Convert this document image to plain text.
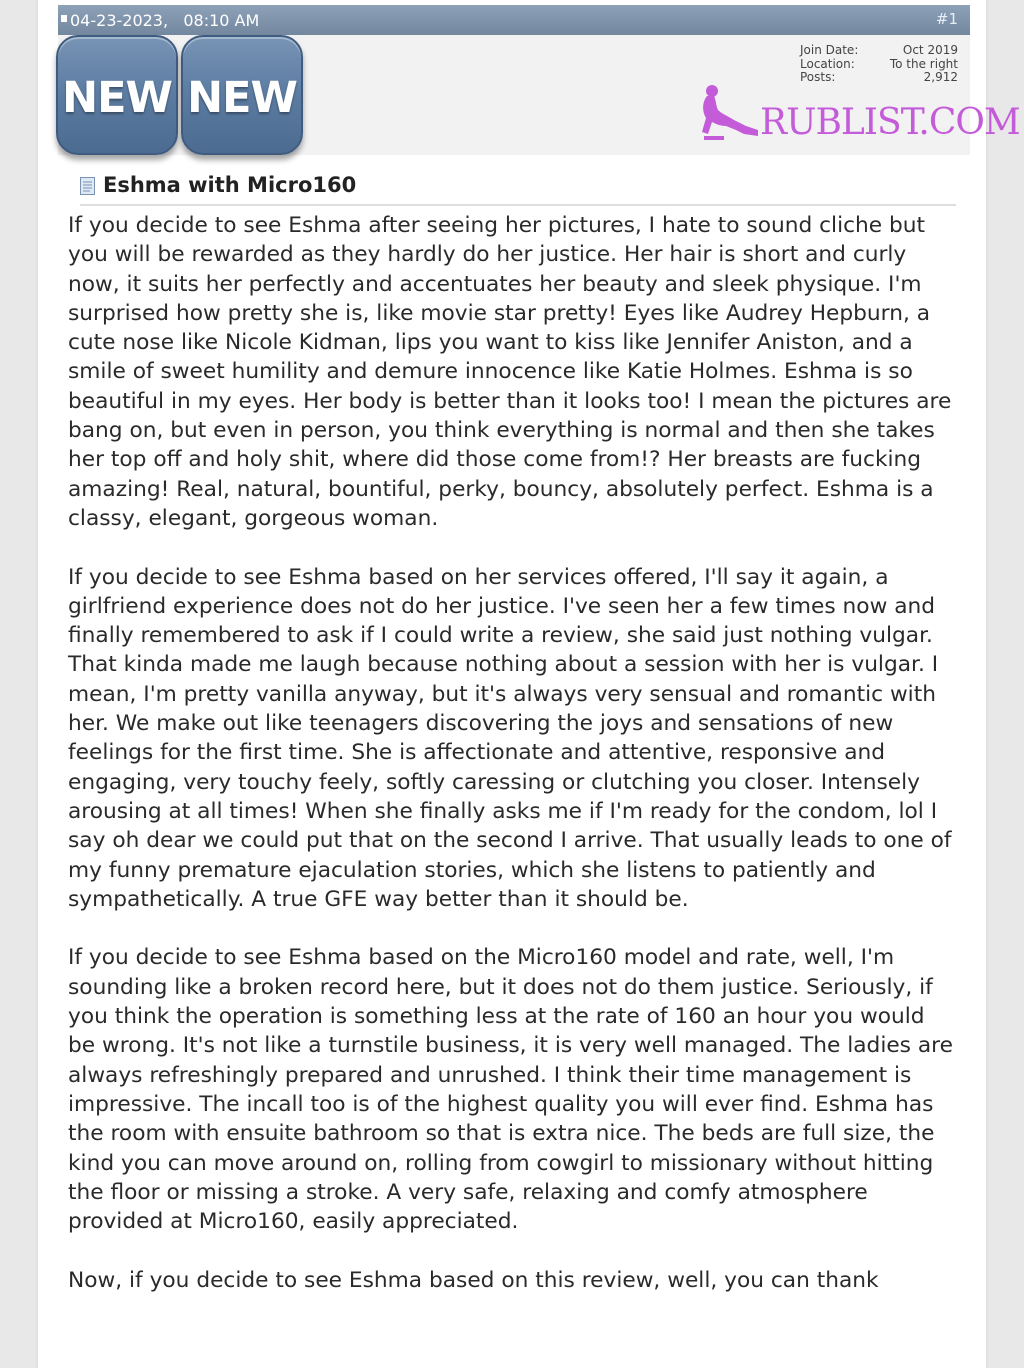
04-23-2023, 08:10 AM	#1
NEW NEW
Join Date:	Oct 2019
Location:	To the right
Posts:	2,912
RUBLIST.COM
Eshma with Micro160

If you decide to see Eshma after seeing her pictures, I hate to sound cliche but you will be rewarded as they hardly do her justice. Her hair is short and curly now, it suits her perfectly and accentuates her beauty and sleek physique. I'm surprised how pretty she is, like movie star pretty! Eyes like Audrey Hepburn, a cute nose like Nicole Kidman, lips you want to kiss like Jennifer Aniston, and a smile of sweet humility and demure innocence like Katie Holmes. Eshma is so beautiful in my eyes. Her body is better than it looks too! I mean the pictures are bang on, but even in person, you think everything is normal and then she takes her top off and holy shit, where did those come from!? Her breasts are fucking amazing! Real, natural, bountiful, perky, bouncy, absolutely perfect. Eshma is a classy, elegant, gorgeous woman.

If you decide to see Eshma based on her services offered, I'll say it again, a girlfriend experience does not do her justice. I've seen her a few times now and finally remembered to ask if I could write a review, she said just nothing vulgar. That kinda made me laugh because nothing about a session with her is vulgar. I mean, I'm pretty vanilla anyway, but it's always very sensual and romantic with her. We make out like teenagers discovering the joys and sensations of new feelings for the first time. She is affectionate and attentive, responsive and engaging, very touchy feely, softly caressing or clutching you closer. Intensely arousing at all times! When she finally asks me if I'm ready for the condom, lol I say oh dear we could put that on the second I arrive. That usually leads to one of my funny premature ejaculation stories, which she listens to patiently and sympathetically. A true GFE way better than it should be.

If you decide to see Eshma based on the Micro160 model and rate, well, I'm sounding like a broken record here, but it does not do them justice. Seriously, if you think the operation is something less at the rate of 160 an hour you would be wrong. It's not like a turnstile business, it is very well managed. The ladies are always refreshingly prepared and unrushed. I think their time management is impressive. The incall too is of the highest quality you will ever find. Eshma has the room with ensuite bathroom so that is extra nice. The beds are full size, the kind you can move around on, rolling from cowgirl to missionary without hitting the floor or missing a stroke. A very safe, relaxing and comfy atmosphere provided at Micro160, easily appreciated.

Now, if you decide to see Eshma based on this review, well, you can thank
